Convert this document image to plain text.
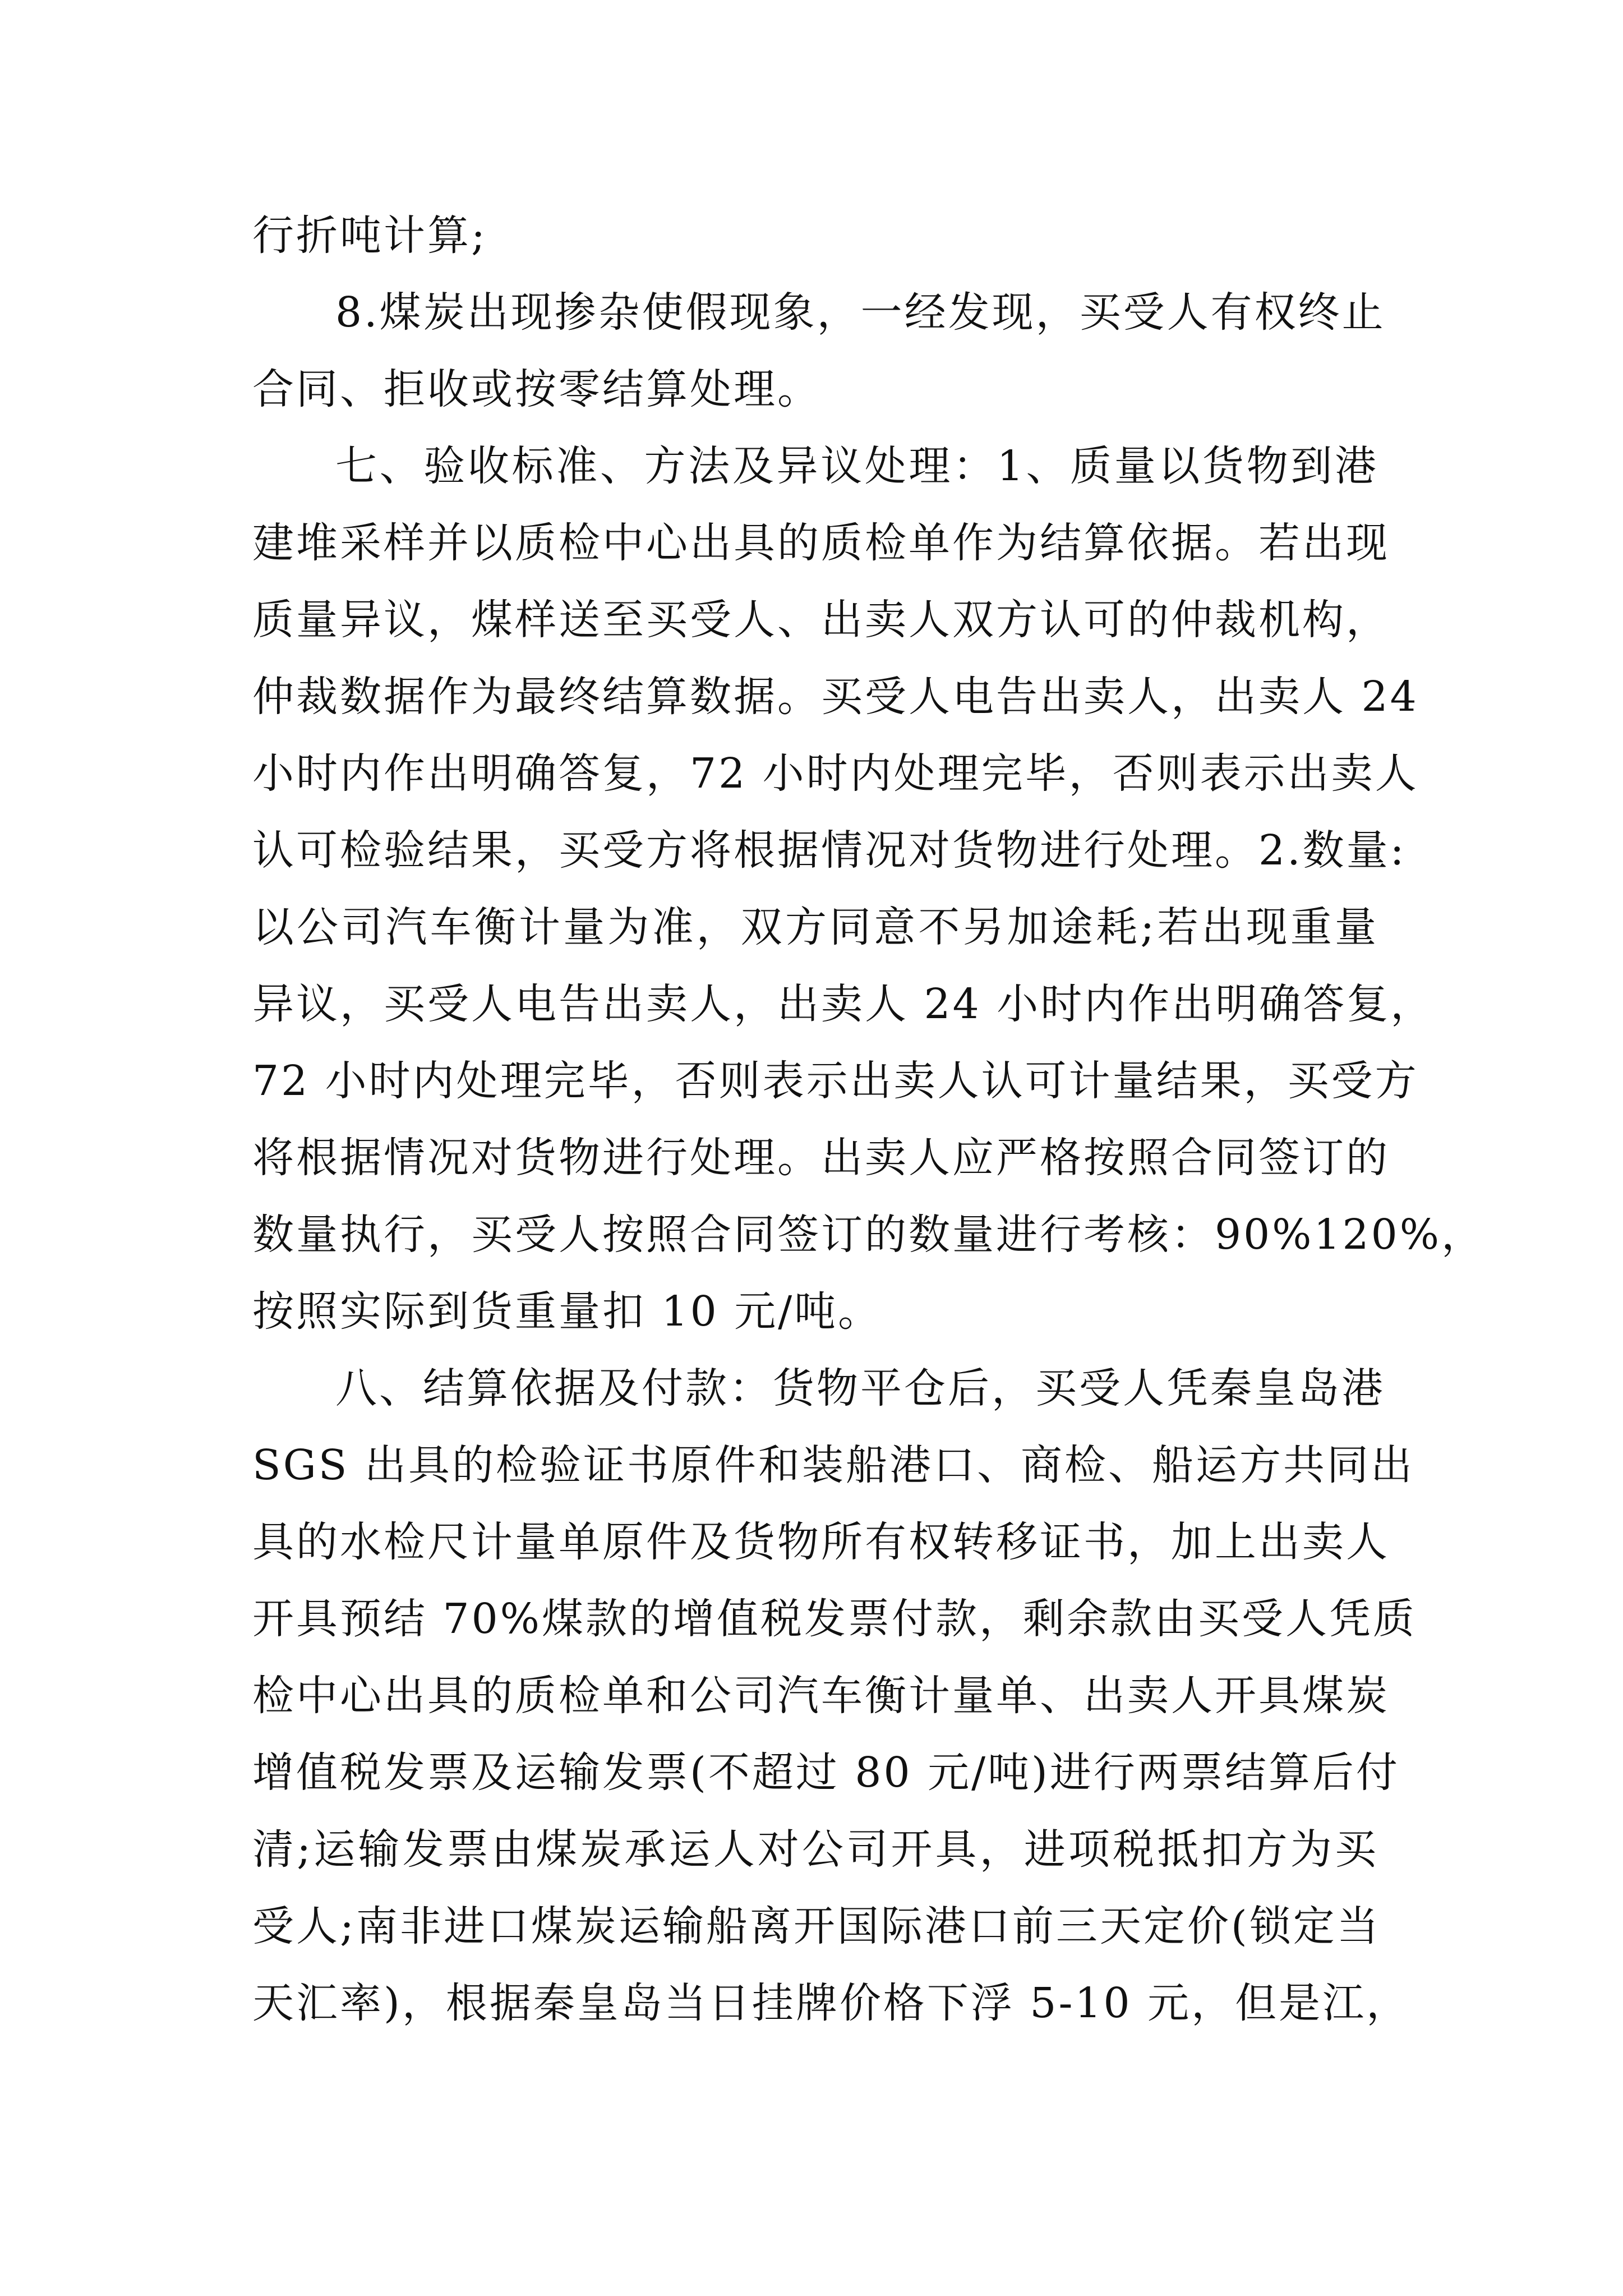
行折吨计算;
8.煤炭出现掺杂使假现象，一经发现，买受人有权终止
合同、拒收或按零结算处理。
七、验收标准、方法及异议处理：1、质量以货物到港
建堆采样并以质检中心出具的质检单作为结算依据。若出现
质量异议，煤样送至买受人、出卖人双方认可的仲裁机构，
仲裁数据作为最终结算数据。买受人电告出卖人，出卖人 24
小时内作出明确答复，72 小时内处理完毕，否则表示出卖人
认可检验结果，买受方将根据情况对货物进行处理。2.数量:
以公司汽车衡计量为准，双方同意不另加途耗;若出现重量
异议，买受人电告出卖人，出卖人 24 小时内作出明确答复，
72 小时内处理完毕，否则表示出卖人认可计量结果，买受方
将根据情况对货物进行处理。出卖人应严格按照合同签订的
数量执行，买受人按照合同签订的数量进行考核：90%120%，
按照实际到货重量扣 10 元/吨。
八、结算依据及付款：货物平仓后，买受人凭秦皇岛港
SGS 出具的检验证书原件和装船港口、商检、船运方共同出
具的水检尺计量单原件及货物所有权转移证书，加上出卖人
开具预结 70%煤款的增值税发票付款，剩余款由买受人凭质
检中心出具的质检单和公司汽车衡计量单、出卖人开具煤炭
增值税发票及运输发票(不超过 80 元/吨)进行两票结算后付
清;运输发票由煤炭承运人对公司开具，进项税抵扣方为买
受人;南非进口煤炭运输船离开国际港口前三天定价(锁定当
天汇率)，根据秦皇岛当日挂牌价格下浮 5-10 元，但是江，
